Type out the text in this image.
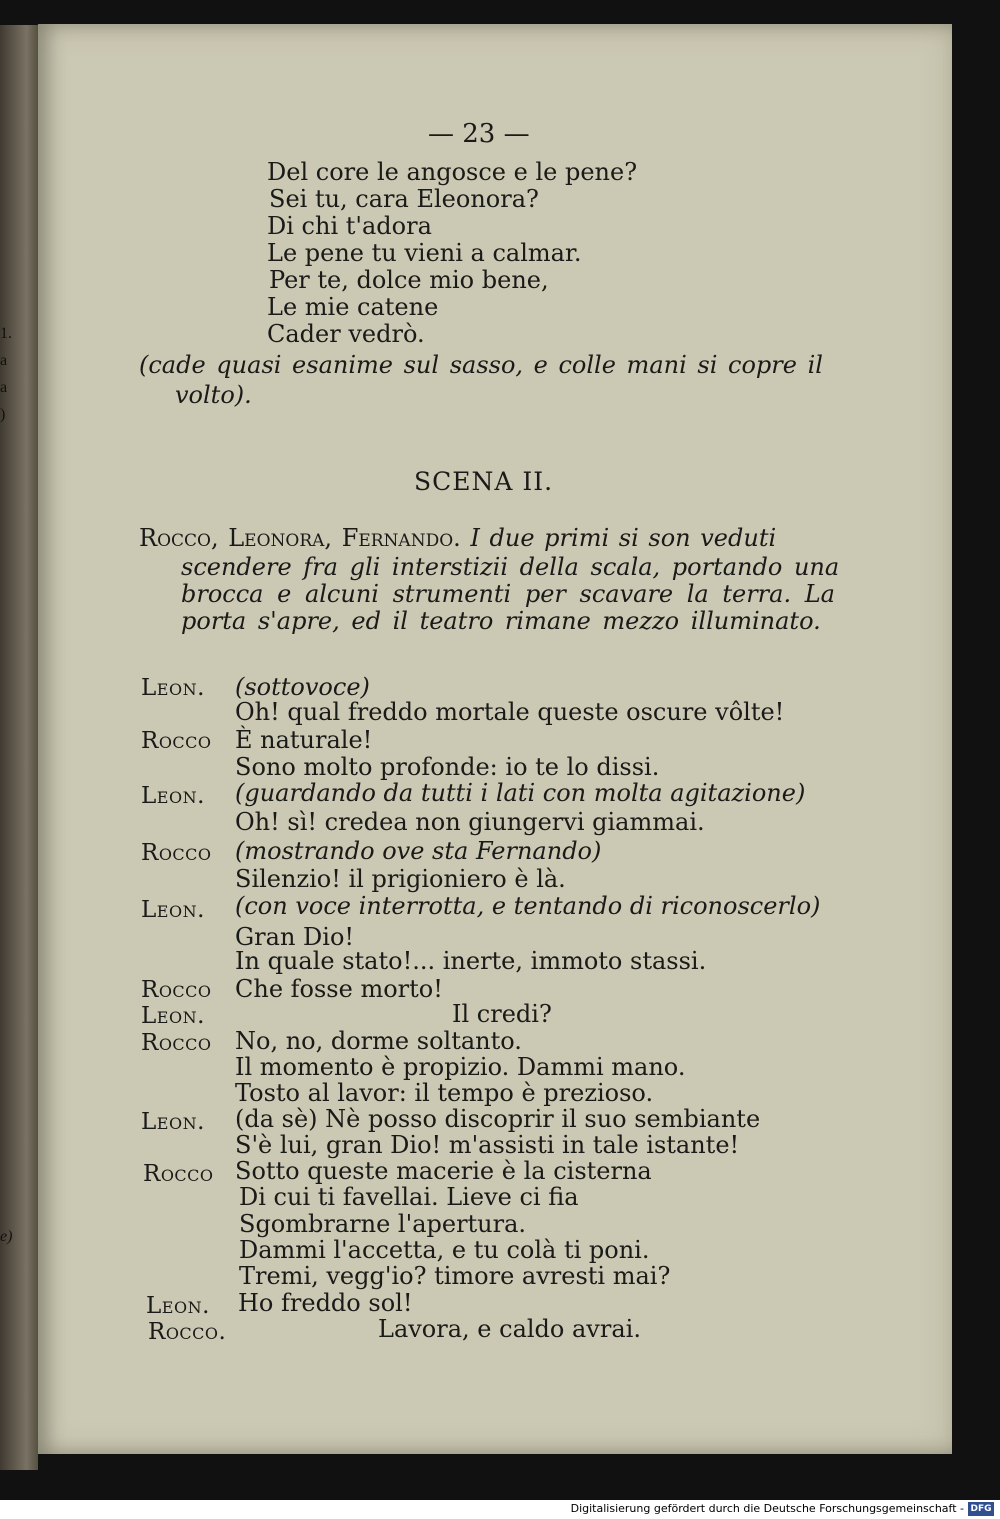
1.
a
a
)
e)
— 23 —
Del core le angosce e le pene?
Sei tu, cara Eleonora?
Di chi t'adora
Le pene tu vieni a calmar.
Per te, dolce mio bene,
Le mie catene
Cader vedrò.
(cade quasi esanime sul sasso, e colle mani si copre il
volto).
SCENA II.
Rocco, Leonora, Fernando. I due primi si son veduti
scendere fra gli interstizii della scala, portando una
brocca e alcuni strumenti per scavare la terra. La
porta s'apre, ed il teatro rimane mezzo illuminato.
Leon. (sottovoce)
Oh! qual freddo mortale queste oscure vôlte!
Rocco È naturale!
Sono molto profonde: io te lo dissi.
Leon. (guardando da tutti i lati con molta agitazione)
Oh! sì! credea non giungervi giammai.
Rocco (mostrando ove sta Fernando)
Silenzio! il prigioniero è là.
Leon. (con voce interrotta, e tentando di riconoscerlo)
Gran Dio!
In quale stato!... inerte, immoto stassi.
Rocco Che fosse morto!
Leon.	Il credi?
Rocco No, no, dorme soltanto.
Il momento è propizio. Dammi mano.
Tosto al lavor: il tempo è prezioso.
Leon. (da sè) Nè posso discoprir il suo sembiante
S'è lui, gran Dio! m'assisti in tale istante!
Rocco Sotto queste macerie è la cisterna
Di cui ti favellai. Lieve ci fia
Sgombrarne l'apertura.
Dammi l'accetta, e tu colà ti poni.
Tremi, vegg'io? timore avresti mai?
Leon. Ho freddo sol!
Rocco.	Lavora, e caldo avrai.
Digitalisierung gefördert durch die Deutsche Forschungsgemeinschaft - DFG
